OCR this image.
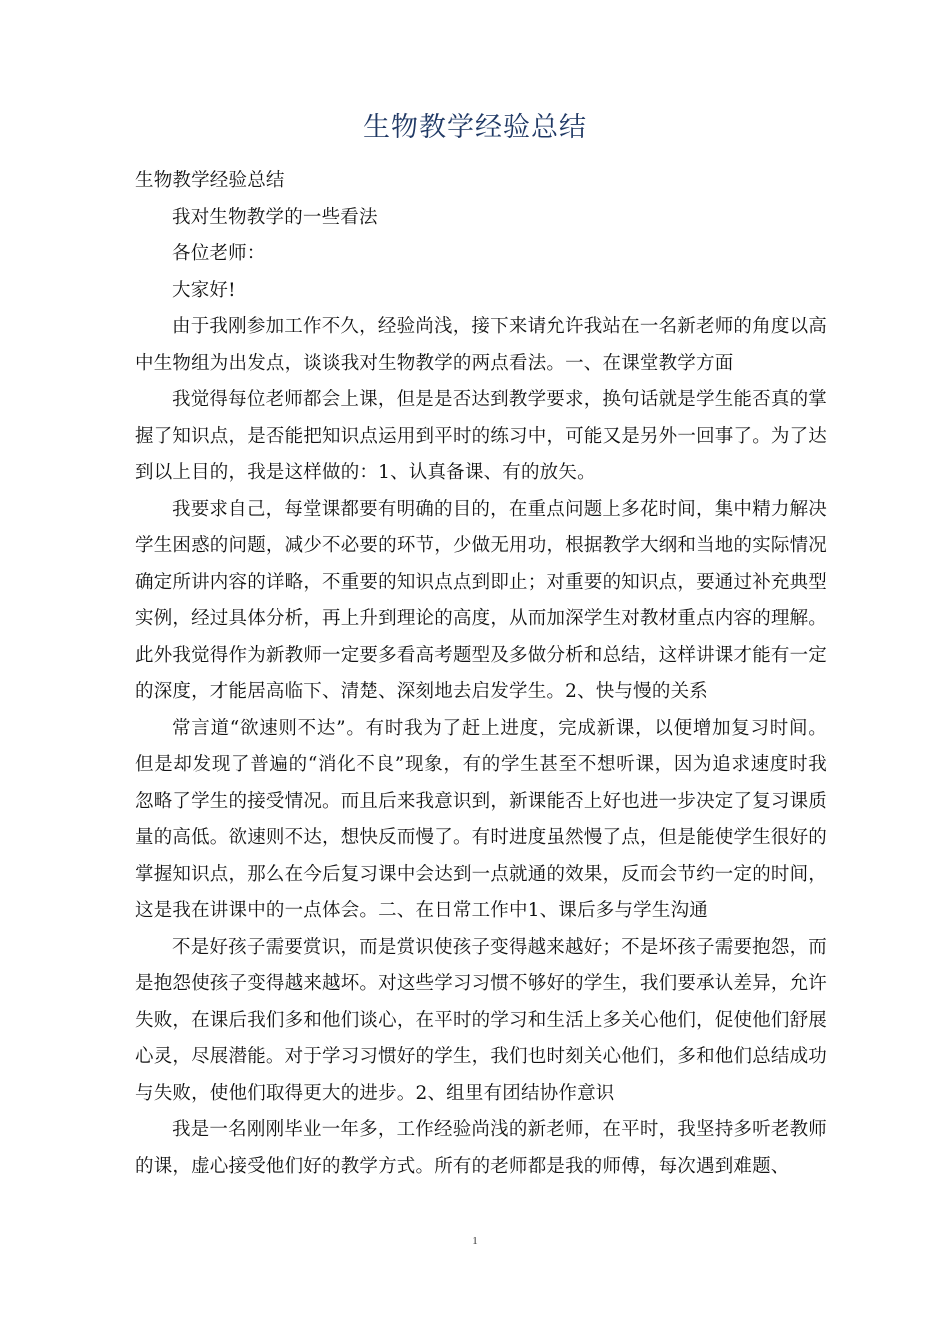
生物教学经验总结

生物教学经验总结

我对生物教学的一些看法

各位老师：

大家好!

由于我刚参加工作不久，经验尚浅，接下来请允许我站在一名新老师的角度以高中生物组为出发点，谈谈我对生物教学的两点看法。一、在课堂教学方面

我觉得每位老师都会上课，但是是否达到教学要求，换句话就是学生能否真的掌握了知识点，是否能把知识点运用到平时的练习中，可能又是另外一回事了。为了达到以上目的，我是这样做的：1、认真备课、有的放矢。

我要求自己，每堂课都要有明确的目的，在重点问题上多花时间，集中精力解决学生困惑的问题，减少不必要的环节，少做无用功，根据教学大纲和当地的实际情况确定所讲内容的详略，不重要的知识点点到即止；对重要的知识点，要通过补充典型实例，经过具体分析，再上升到理论的高度，从而加深学生对教材重点内容的理解。此外我觉得作为新教师一定要多看高考题型及多做分析和总结，这样讲课才能有一定的深度，才能居高临下、清楚、深刻地去启发学生。2、快与慢的关系

常言道“欲速则不达”。有时我为了赶上进度，完成新课，以便增加复习时间。但是却发现了普遍的“消化不良”现象，有的学生甚至不想听课，因为追求速度时我忽略了学生的接受情况。而且后来我意识到，新课能否上好也进一步决定了复习课质量的高低。欲速则不达，想快反而慢了。有时进度虽然慢了点，但是能使学生很好的掌握知识点，那么在今后复习课中会达到一点就通的效果，反而会节约一定的时间，这是我在讲课中的一点体会。二、在日常工作中1、课后多与学生沟通

不是好孩子需要赏识，而是赏识使孩子变得越来越好；不是坏孩子需要抱怨，而是抱怨使孩子变得越来越坏。对这些学习习惯不够好的学生，我们要承认差异，允许失败，在课后我们多和他们谈心，在平时的学习和生活上多关心他们，促使他们舒展心灵，尽展潜能。对于学习习惯好的学生，我们也时刻关心他们，多和他们总结成功与失败，使他们取得更大的进步。2、组里有团结协作意识

我是一名刚刚毕业一年多，工作经验尚浅的新老师，在平时，我坚持多听老教师的课，虚心接受他们好的教学方式。所有的老师都是我的师傅，每次遇到难题、

1
